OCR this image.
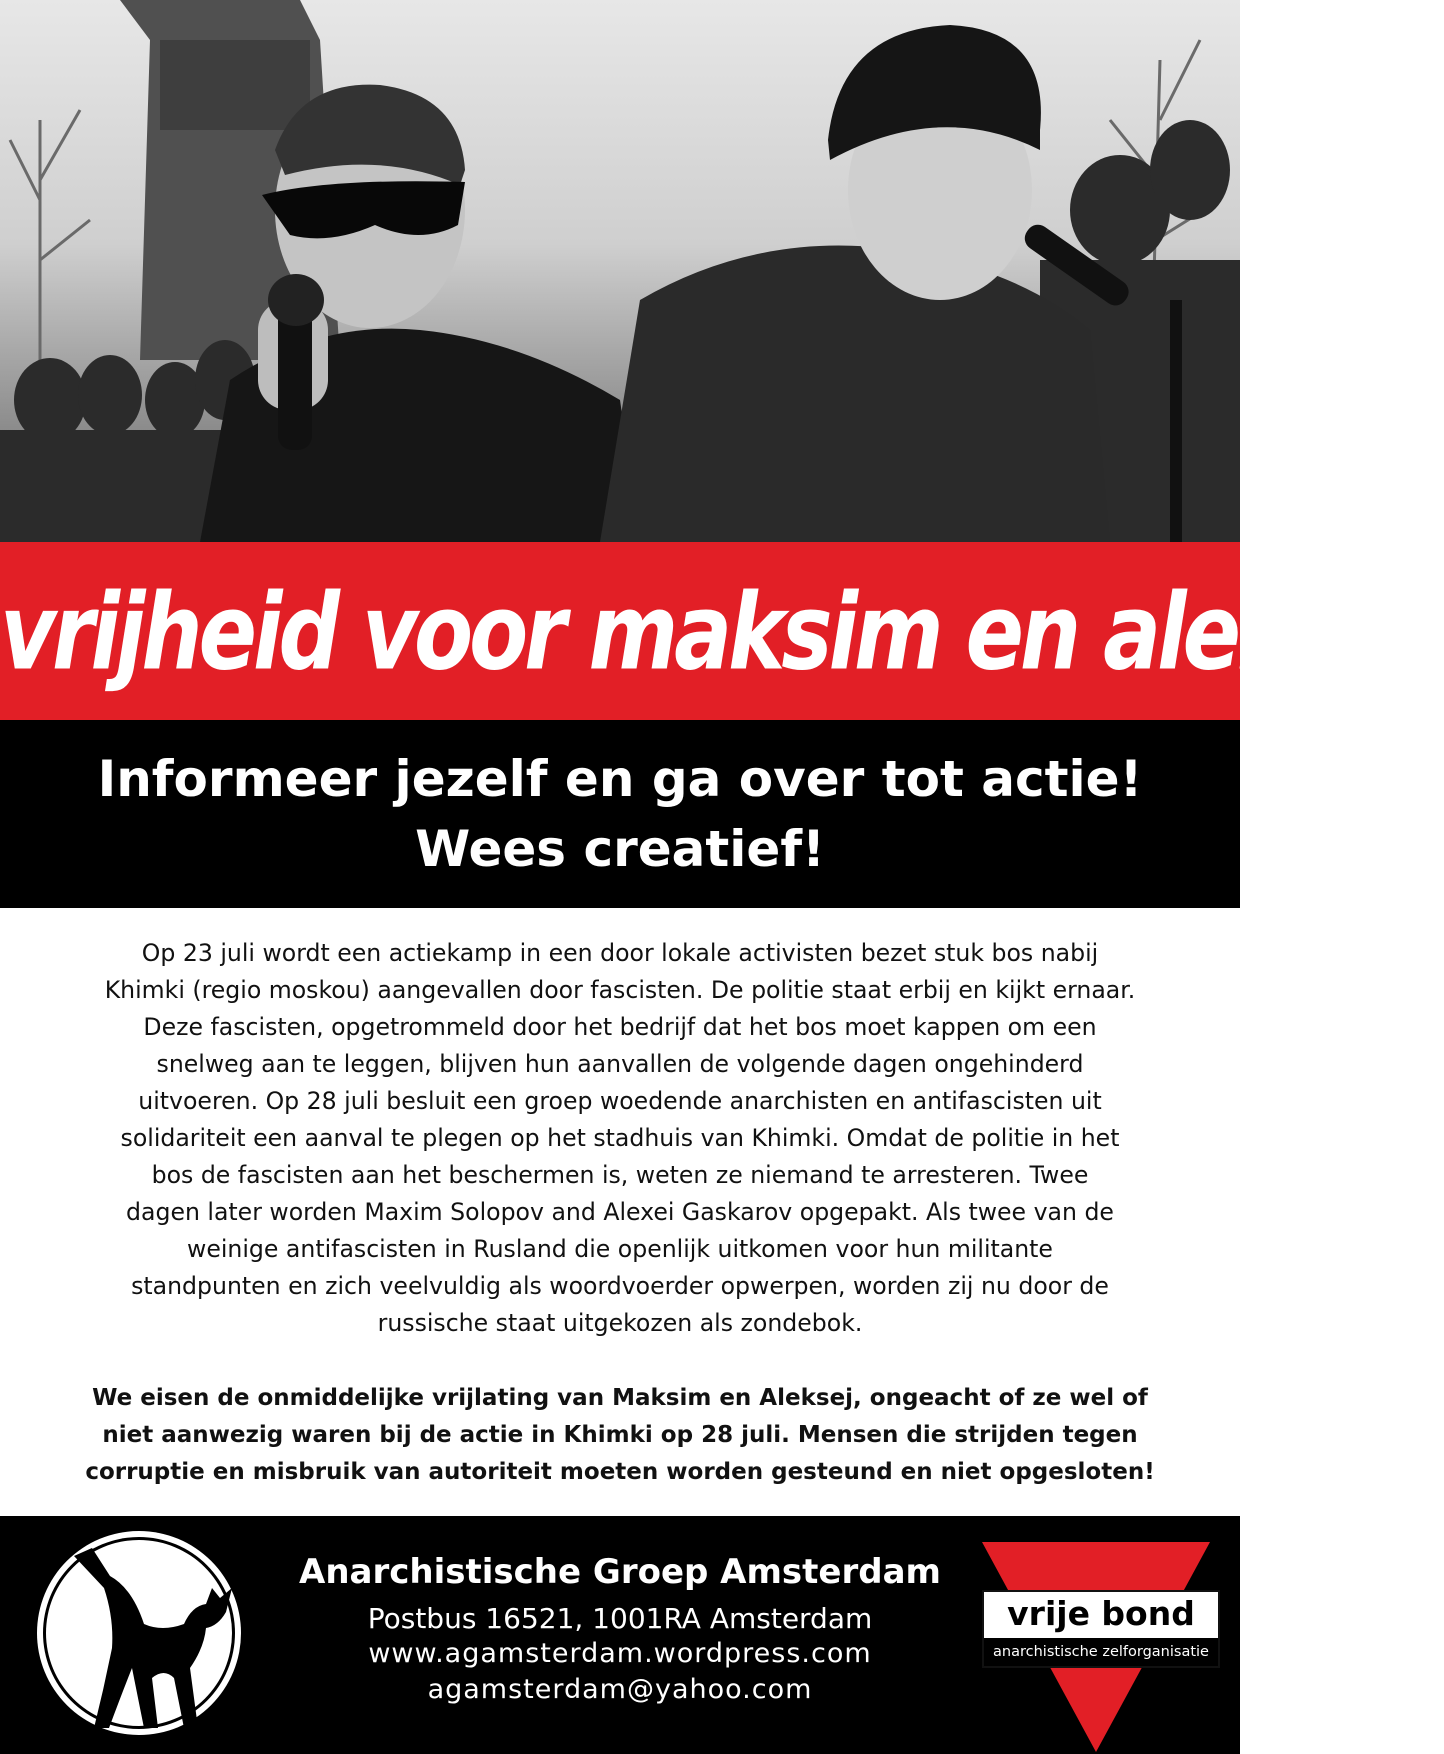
vrijheid voor maksim en aleksey
Informeer jezelf en ga over tot actie!
Wees creatief!

Op 23 juli wordt een actiekamp in een door lokale activisten bezet stuk bos nabij

Khimki (regio moskou) aangevallen door fascisten. De politie staat erbij en kijkt ernaar.

Deze fascisten, opgetrommeld door het bedrijf dat het bos moet kappen om een

snelweg aan te leggen, blijven hun aanvallen de volgende dagen ongehinderd

uitvoeren. Op 28 juli besluit een groep woedende anarchisten en antifascisten uit

solidariteit een aanval te plegen op het stadhuis van Khimki. Omdat de politie in het

bos de fascisten aan het beschermen is, weten ze niemand te arresteren. Twee

dagen later worden Maxim Solopov and Alexei Gaskarov opgepakt. Als twee van de

weinige antifascisten in Rusland die openlijk uitkomen voor hun militante

standpunten en zich veelvuldig als woordvoerder opwerpen, worden zij nu door de

russische staat uitgekozen als zondebok.

We eisen de onmiddelijke vrijlating van Maksim en Aleksej, ongeacht of ze wel of

niet aanwezig waren bij de actie in Khimki op 28 juli. Mensen die strijden tegen

corruptie en misbruik van autoriteit moeten worden gesteund en niet opgesloten!

Anarchistische Groep Amsterdam
Postbus 16521, 1001RA Amsterdam
www.agamsterdam.wordpress.com
agamsterdam@yahoo.com
vrije bond
anarchistische zelforganisatie
